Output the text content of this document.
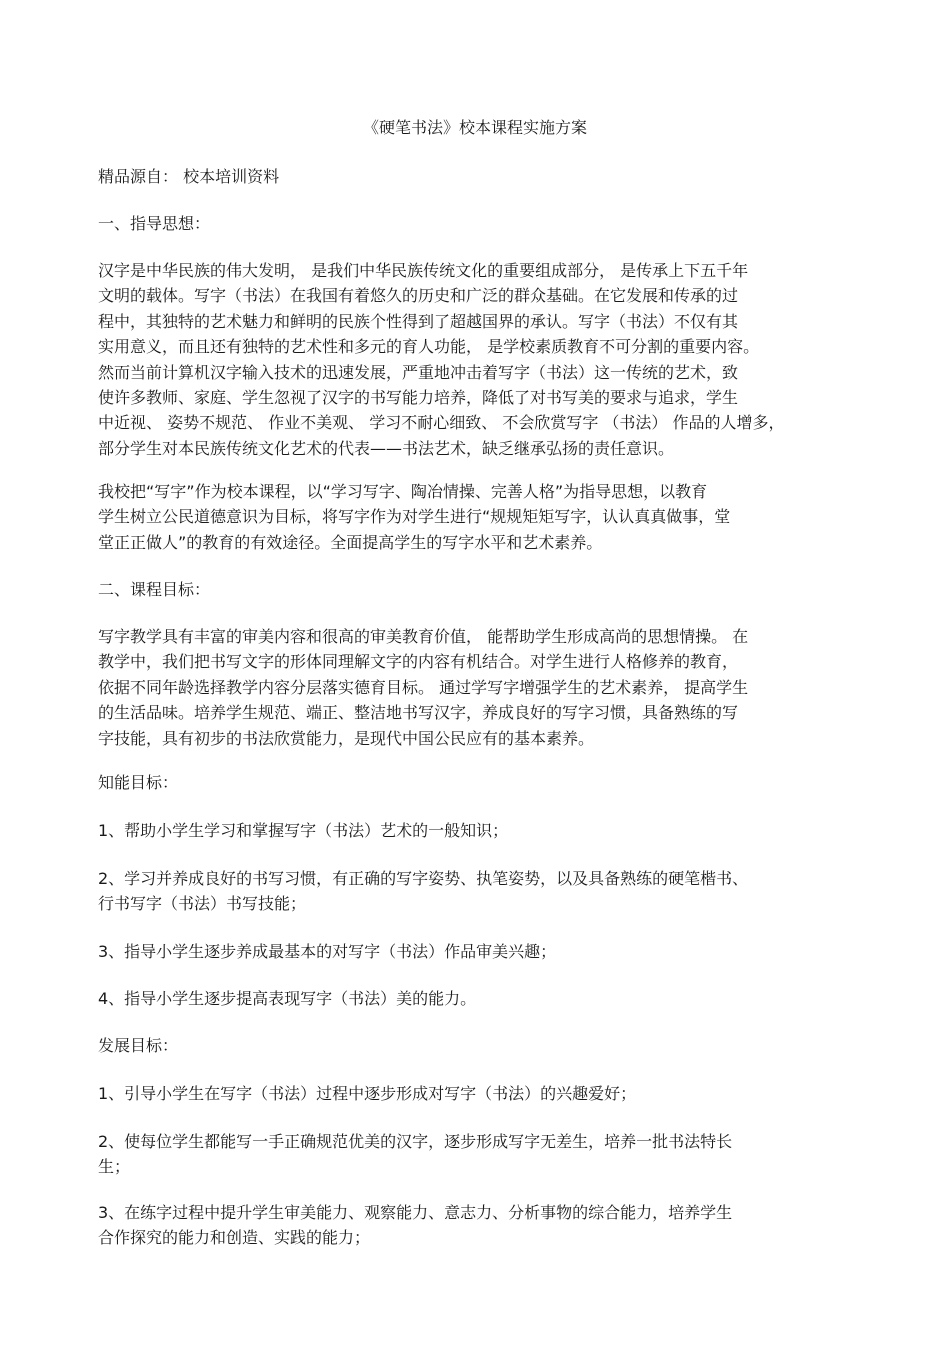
《硬笔书法》校本课程实施方案
精品源自： 校本培训资料
一、指导思想：
汉字是中华民族的伟大发明， 是我们中华民族传统文化的重要组成部分， 是传承上下五千年
文明的载体。写字（书法）在我国有着悠久的历史和广泛的群众基础。在它发展和传承的过
程中，其独特的艺术魅力和鲜明的民族个性得到了超越国界的承认。写字（书法）不仅有其
实用意义，而且还有独特的艺术性和多元的育人功能， 是学校素质教育不可分割的重要内容。
然而当前计算机汉字输入技术的迅速发展，严重地冲击着写字（书法）这一传统的艺术，致
使许多教师、家庭、学生忽视了汉字的书写能力培养，降低了对书写美的要求与追求，学生
中近视、 姿势不规范、 作业不美观、 学习不耐心细致、 不会欣赏写字 （书法） 作品的人增多，
部分学生对本民族传统文化艺术的代表——书法艺术，缺乏继承弘扬的责任意识。
我校把“写字”作为校本课程，以“学习写字、陶冶情操、完善人格”为指导思想，以教育
学生树立公民道德意识为目标，将写字作为对学生进行“规规矩矩写字，认认真真做事，堂
堂正正做人”的教育的有效途径。全面提高学生的写字水平和艺术素养。
二、课程目标：
写字教学具有丰富的审美内容和很高的审美教育价值， 能帮助学生形成高尚的思想情操。 在
教学中，我们把书写文字的形体同理解文字的内容有机结合。对学生进行人格修养的教育，
依据不同年龄选择教学内容分层落实德育目标。 通过学写字增强学生的艺术素养， 提高学生
的生活品味。培养学生规范、端正、整洁地书写汉字，养成良好的写字习惯，具备熟练的写
字技能，具有初步的书法欣赏能力，是现代中国公民应有的基本素养。
知能目标：
1、帮助小学生学习和掌握写字（书法）艺术的一般知识；
2、学习并养成良好的书写习惯，有正确的写字姿势、执笔姿势，以及具备熟练的硬笔楷书、
行书写字（书法）书写技能；
3、指导小学生逐步养成最基本的对写字（书法）作品审美兴趣；
4、指导小学生逐步提高表现写字（书法）美的能力。
发展目标：
1、引导小学生在写字（书法）过程中逐步形成对写字（书法）的兴趣爱好；
2、使每位学生都能写一手正确规范优美的汉字，逐步形成写字无差生，培养一批书法特长
生；
3、在练字过程中提升学生审美能力、观察能力、意志力、分析事物的综合能力，培养学生
合作探究的能力和创造、实践的能力；
